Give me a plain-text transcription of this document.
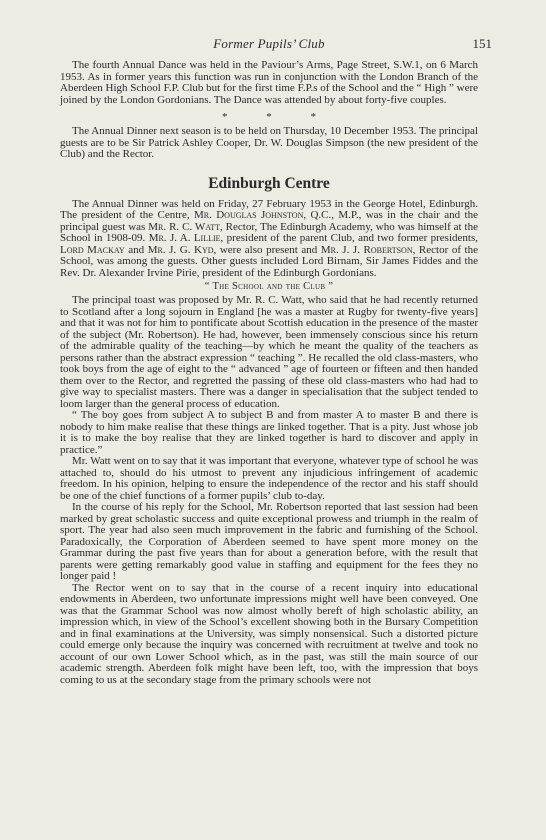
Former Pupils’ Club	151

The fourth Annual Dance was held in the Paviour’s Arms, Page Street, S.W.1, on 6 March 1953. As in former years this function was run in conjunction with the London Branch of the Aberdeen High School F.P. Club but for the first time F.P.s of the School and the “ High ” were joined by the London Gordonians. The Dance was attended by about forty-five couples.

* * *

The Annual Dinner next season is to be held on Thursday, 10 December 1953. The principal guests are to be Sir Patrick Ashley Cooper, Dr. W. Douglas Simpson (the new president of the Club) and the Rector.

Edinburgh Centre

The Annual Dinner was held on Friday, 27 February 1953 in the George Hotel, Edinburgh. The president of the Centre, Mr. Douglas Johnston, Q.C., M.P., was in the chair and the principal guest was Mr. R. C. Watt, Rector, The Edinburgh Academy, who was himself at the School in 1908-09. Mr. J. A. Lillie, president of the parent Club, and two former presidents, Lord Mackay and Mr. J. G. Kyd, were also present and Mr. J. J. Robertson, Rector of the School, was among the guests. Other guests included Lord Birnam, Sir James Fiddes and the Rev. Dr. Alexander Irvine Pirie, president of the Edinburgh Gordonians.

“ The School and the Club ”

The principal toast was proposed by Mr. R. C. Watt, who said that he had recently returned to Scotland after a long sojourn in England [he was a master at Rugby for twenty-five years] and that it was not for him to pontificate about Scottish education in the presence of the master of the subject (Mr. Robertson). He had, however, been immensely conscious since his return of the admirable quality of the teaching—by which he meant the quality of the teachers as persons rather than the abstract expression “ teaching ”. He recalled the old class-masters, who took boys from the age of eight to the “ advanced ” age of fourteen or fifteen and then handed them over to the Rector, and regretted the passing of these old class-masters who had had to give way to specialist masters. There was a danger in specialisation that the subject tended to loom larger than the general process of education.

“ The boy goes from subject A to subject B and from master A to master B and there is nobody to him make realise that these things are linked together. That is a pity. Just whose job it is to make the boy realise that they are linked together is hard to discover and apply in practice.”

Mr. Watt went on to say that it was important that everyone, whatever type of school he was attached to, should do his utmost to prevent any injudicious infringement of academic freedom. In his opinion, helping to ensure the independence of the rector and his staff should be one of the chief functions of a former pupils’ club to-day.

In the course of his reply for the School, Mr. Robertson reported that last session had been marked by great scholastic success and quite exceptional prowess and triumph in the realm of sport. The year had also seen much improvement in the fabric and furnishing of the School. Paradoxically, the Corporation of Aberdeen seemed to have spent more money on the Grammar during the past five years than for about a generation before, with the result that parents were getting remarkably good value in staffing and equipment for the fees they no longer paid !

The Rector went on to say that in the course of a recent inquiry into educational endowments in Aberdeen, two unfortunate impressions might well have been conveyed. One was that the Grammar School was now almost wholly bereft of high scholastic ability, an impression which, in view of the School’s excellent showing both in the Bursary Competition and in final examinations at the University, was simply nonsensical. Such a distorted picture could emerge only because the inquiry was concerned with recruitment at twelve and took no account of our own Lower School which, as in the past, was still the main source of our academic strength. Aberdeen folk might have been left, too, with the impression that boys coming to us at the secondary stage from the primary schools were not
